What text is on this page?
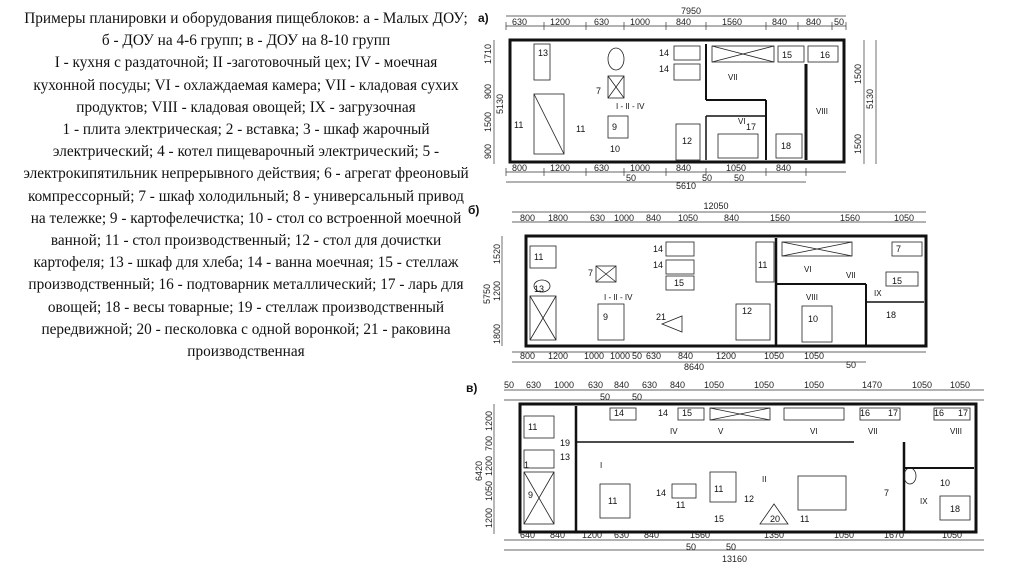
Примеры планировки и оборудования пищеблоков: а - Малых ДОУ; б - ДОУ на 4-6 групп; в - ДОУ на 8-10 групп

I - кухня с раздаточной; II -заготовочный цех; IV - моечная кухонной посуды; VI - охлаждаемая камера; VII - кладовая сухих продуктов; VIII - кладовая овощей; IX - загрузочная

1 - плита электрическая; 2 - вставка; 3 - шкаф жарочный электрический; 4 - котел пищеварочный электрический; 5 - электрокипятильник непрерывного действия; 6 - агрегат фреоновый компрессорный; 7 - шкаф холодильный; 8 - универсальный привод на тележке; 9 - картофелечистка; 10 - стол со встроенной моечной ванной; 11 - стол производственный; 12 - стол для дочистки картофеля; 13 - шкаф для хлеба; 14 - ванна моечная; 15 - стеллаж производственный; 16 - подтоварник металлический; 17 - ларь для овощей; 18 - весы товарные; 19 - стеллаж производственный передвижной; 20 - песколовка с одной воронкой; 21 - раковина производственная

а)	7950
630	1200	630 1000	840	1560	840 840 50
800	1200	630 1000	840	1050	840
5610
50	50 50
1710
900
1500
900
5130	5130
1500
1500
13
7
9
10
14
14
15	16
17
18
11
12
11
I - II - IV
VI
VII
VIII
б)	12050
800 1800 630 1000 840 1050	840	1560	1560	1050
800 1200 1000 1000 50 630 840	1200	1050 1050
8640	50
1520
1200
1800
5750
11
7
14
14
15
11
12
21
7
15
18
13
9	10
I - II - IV
VI
VII
IX
VIII
в)	50 630 1000 630 840 630 840 1050	1050	1050	1470	1050 1050
50 50
640 840 1200 630 840	1560	1350	1050	1670	1050
13160
50	50
1200
700
1200
1050
1200
6420
11
19
13
14	14 15	16 17	16 17
1
11
14
11
11
15
12
20 11
7
9
10
18
I
II
IV	V	VI	VII	VIII
IX
